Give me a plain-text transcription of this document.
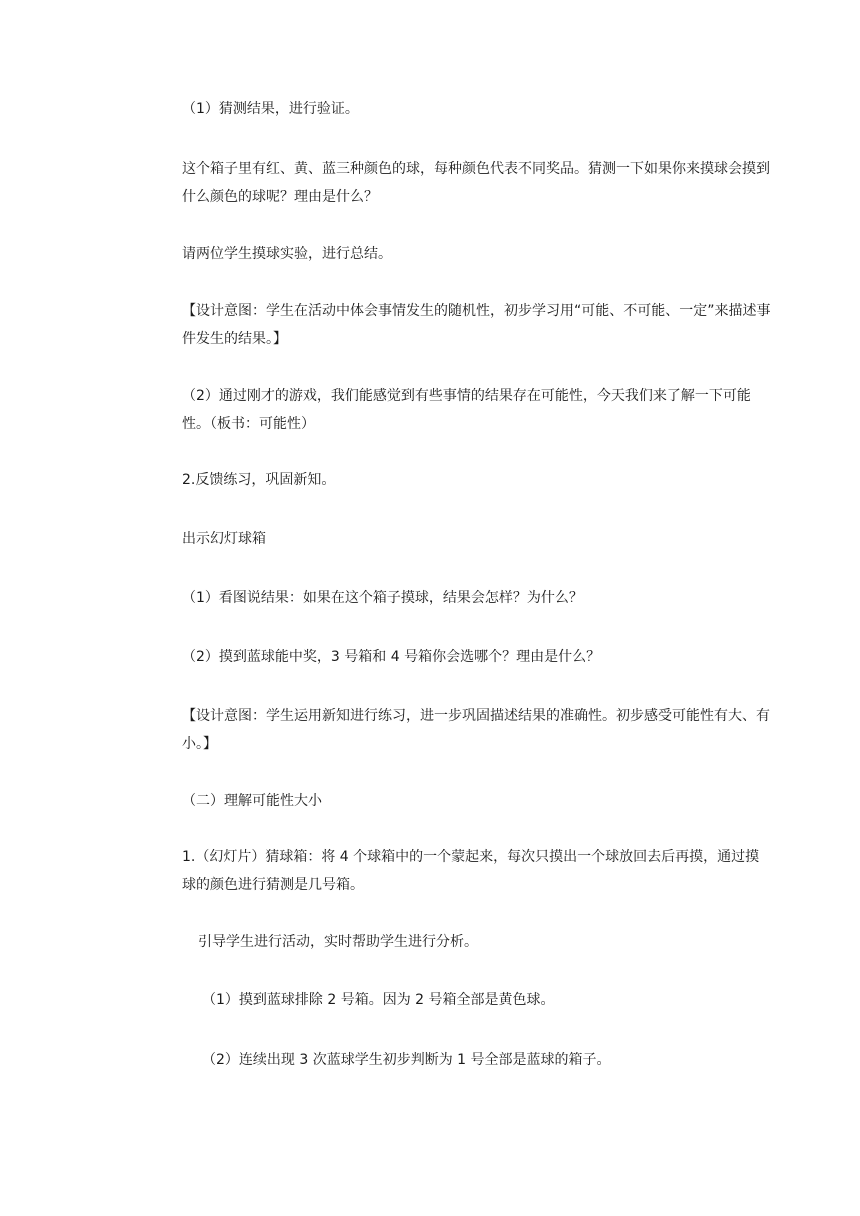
（1）猜测结果，进行验证。

这个箱子里有红、黄、蓝三种颜色的球，每种颜色代表不同奖品。猜测一下如果你来摸球会摸到什么颜色的球呢？理由是什么？

请两位学生摸球实验，进行总结。

【设计意图：学生在活动中体会事情发生的随机性，初步学习用“可能、不可能、一定”来描述事件发生的结果。】

（2）通过刚才的游戏，我们能感觉到有些事情的结果存在可能性，今天我们来了解一下可能性。（板书：可能性）

2.反馈练习，巩固新知。

出示幻灯球箱

（1）看图说结果：如果在这个箱子摸球，结果会怎样？为什么？

（2）摸到蓝球能中奖，3 号箱和 4 号箱你会选哪个？理由是什么？

【设计意图：学生运用新知进行练习，进一步巩固描述结果的准确性。初步感受可能性有大、有小。】

（二）理解可能性大小

1.（幻灯片）猜球箱：将 4 个球箱中的一个蒙起来，每次只摸出一个球放回去后再摸，通过摸球的颜色进行猜测是几号箱。

引导学生进行活动，实时帮助学生进行分析。

（1）摸到蓝球排除 2 号箱。因为 2 号箱全部是黄色球。

（2）连续出现 3 次蓝球学生初步判断为 1 号全部是蓝球的箱子。
